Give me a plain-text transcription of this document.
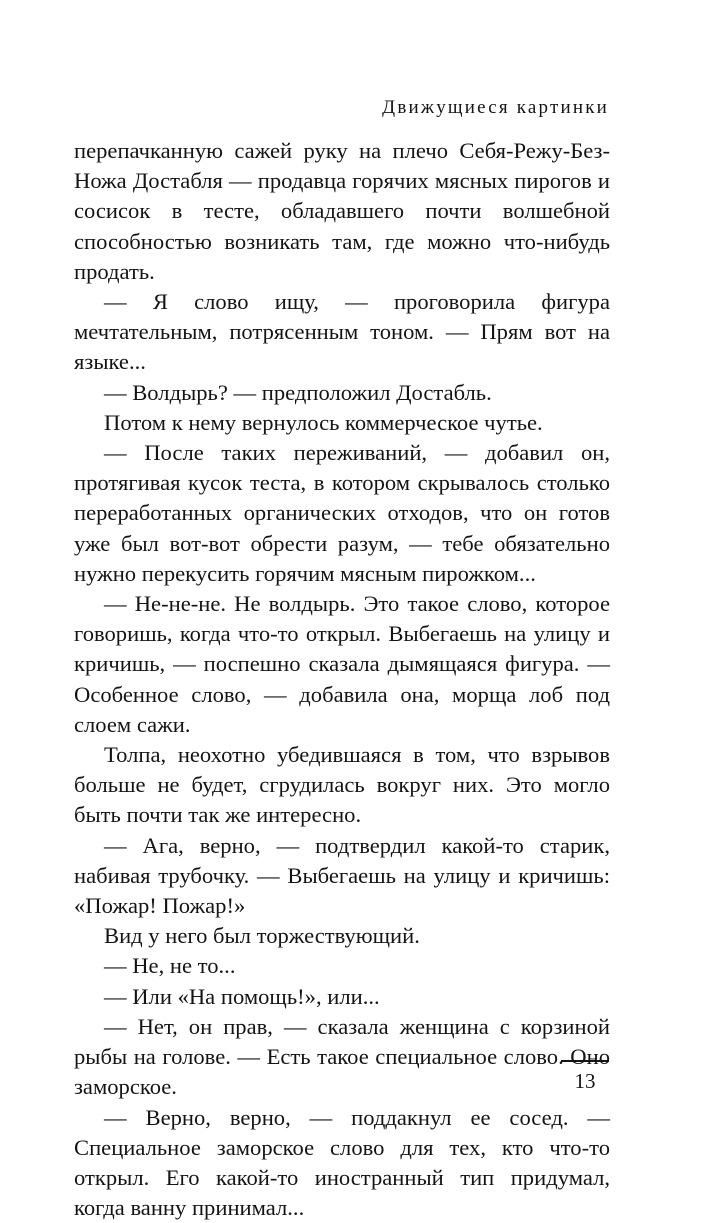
Движущиеся картинки

перепачканную сажей руку на плечо Себя-Режу-Без-Ножа Достабля — продавца горячих мясных пирогов и сосисок в тесте, обладавшего почти волшебной способностью возникать там, где можно что-нибудь продать.

— Я слово ищу, — проговорила фигура мечтательным, потрясенным тоном. — Прям вот на языке...

— Волдырь? — предположил Достабль.

Потом к нему вернулось коммерческое чутье.

— После таких переживаний, — добавил он, протягивая кусок теста, в котором скрывалось столько переработанных органических отходов, что он готов уже был вот-вот обрести разум, — тебе обязательно нужно перекусить горячим мясным пирожком...

— Не-не-не. Не волдырь. Это такое слово, которое говоришь, когда что-то открыл. Выбегаешь на улицу и кричишь, — поспешно сказала дымящаяся фигура. — Особенное слово, — добавила она, морща лоб под слоем сажи.

Толпа, неохотно убедившаяся в том, что взрывов больше не будет, сгрудилась вокруг них. Это могло быть почти так же интересно.

— Ага, верно, — подтвердил какой-то старик, набивая трубочку. — Выбегаешь на улицу и кричишь: «Пожар! Пожар!»

Вид у него был торжествующий.

— Не, не то...

— Или «На помощь!», или...

— Нет, он прав, — сказала женщина с корзиной рыбы на голове. — Есть такое специальное слово. Оно заморское.

— Верно, верно, — поддакнул ее сосед. — Специальное заморское слово для тех, кто что-то открыл. Его какой-то иностранный тип придумал, когда ванну принимал...

13
